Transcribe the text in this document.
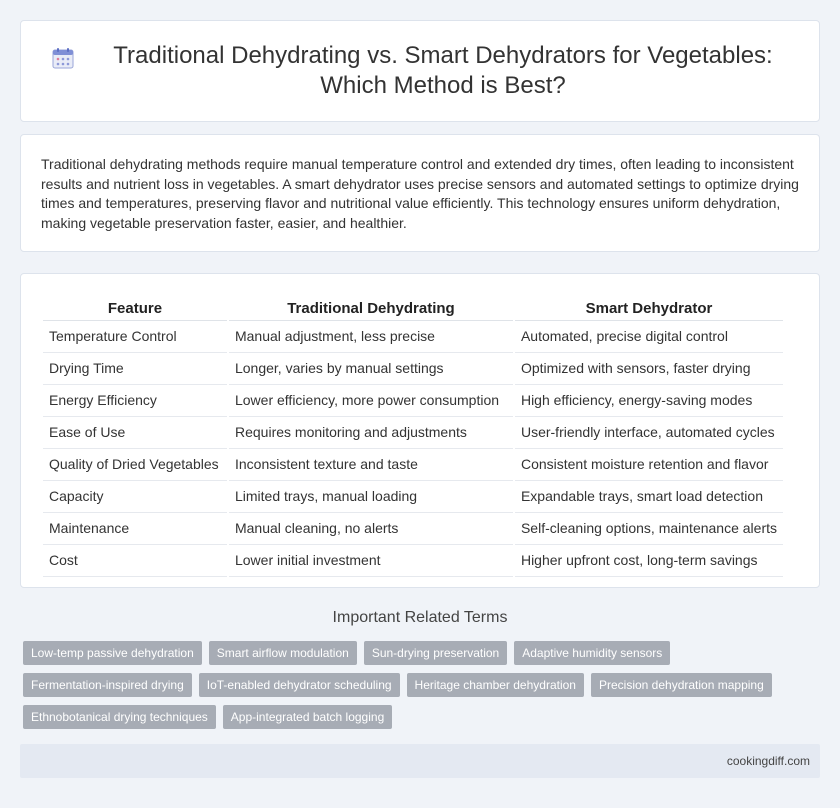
Traditional Dehydrating vs. Smart Dehydrators for Vegetables: Which Method is Best?

Traditional dehydrating methods require manual temperature control and extended dry times, often leading to inconsistent results and nutrient loss in vegetables. A smart dehydrator uses precise sensors and automated settings to optimize drying times and temperatures, preserving flavor and nutritional value efficiently. This technology ensures uniform dehydration, making vegetable preservation faster, easier, and healthier.

Feature	Traditional Dehydrating	Smart Dehydrator
Temperature Control	Manual adjustment, less precise	Automated, precise digital control
Drying Time	Longer, varies by manual settings	Optimized with sensors, faster drying
Energy Efficiency	Lower efficiency, more power consumption	High efficiency, energy-saving modes
Ease of Use	Requires monitoring and adjustments	User-friendly interface, automated cycles
Quality of Dried Vegetables	Inconsistent texture and taste	Consistent moisture retention and flavor
Capacity	Limited trays, manual loading	Expandable trays, smart load detection
Maintenance	Manual cleaning, no alerts	Self-cleaning options, maintenance alerts
Cost	Lower initial investment	Higher upfront cost, long-term savings
Important Related Terms
Low-temp passive dehydration	Smart airflow modulation	Sun-drying preservation	Adaptive humidity sensors
Fermentation-inspired drying	IoT-enabled dehydrator scheduling	Heritage chamber dehydration	Precision dehydration mapping
Ethnobotanical drying techniques	App-integrated batch logging
cookingdiff.com
